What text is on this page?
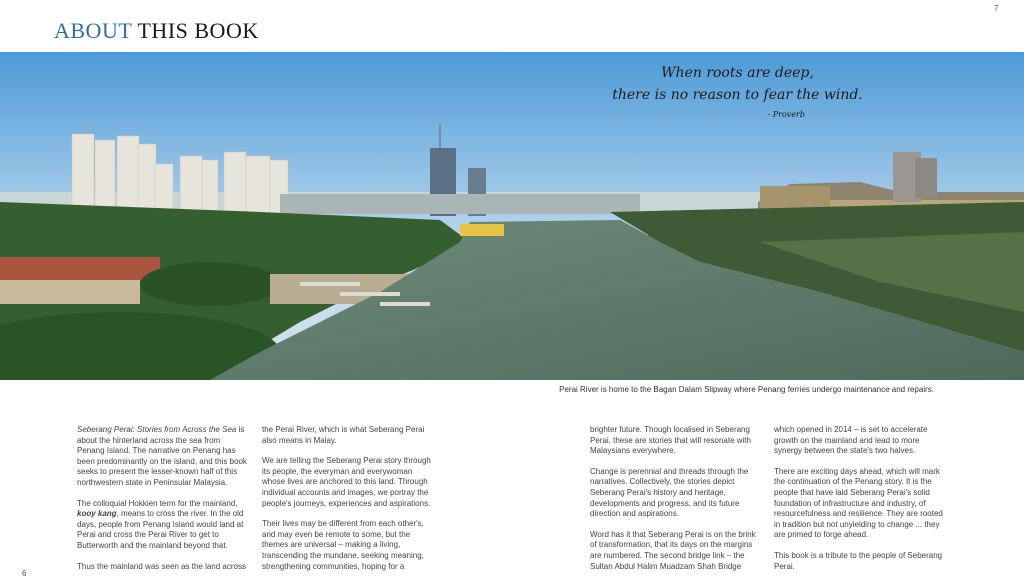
ABOUT THIS BOOK
7
When roots are deep,
there is no reason to fear the wind.
- Proverb
Perai River is home to the Bagan Dalam Slipway where Penang ferries undergo maintenance and repairs.

Seberang Perai: Stories from Across the Sea is about the hinterland across the sea from Penang Island. The narrative on Penang has been predominantly on the island, and this book seeks to present the lesser-known half of this northwestern state in Peninsular Malaysia.

The colloquial Hokkien term for the mainland, kooy kang, means to cross the river. In the old days, people from Penang Island would land at Perai and cross the Perai River to get to Butterworth and the mainland beyond that.

Thus the mainland was seen as the land across

the Perai River, which is what Seberang Perai also means in Malay.

We are telling the Seberang Perai story through its people, the everyman and everywoman whose lives are anchored to this land. Through individual accounts and images, we portray the people's journeys, experiences and aspirations.

Their lives may be different from each other's, and may even be remote to some, but the themes are universal – making a living, transcending the mundane, seeking meaning, strengthening communities, hoping for a

brighter future. Though localised in Seberang Perai, these are stories that will resonate with Malaysians everywhere.

Change is perennial and threads through the narratives. Collectively, the stories depict Seberang Perai's history and heritage, developments and progress, and its future direction and aspirations.

Word has it that Seberang Perai is on the brink of transformation, that its days on the margins are numbered. The second bridge link – the Sultan Abdul Halim Muadzam Shah Bridge

which opened in 2014 – is set to accelerate growth on the mainland and lead to more synergy between the state's two halves.

There are exciting days ahead, which will mark the continuation of the Penang story. It is the people that have laid Seberang Perai's solid foundation of infrastructure and industry, of resourcefulness and resilience. They are rooted in tradition but not unyielding to change ... they are primed to forge ahead.

This book is a tribute to the people of Seberang Perai.

6
